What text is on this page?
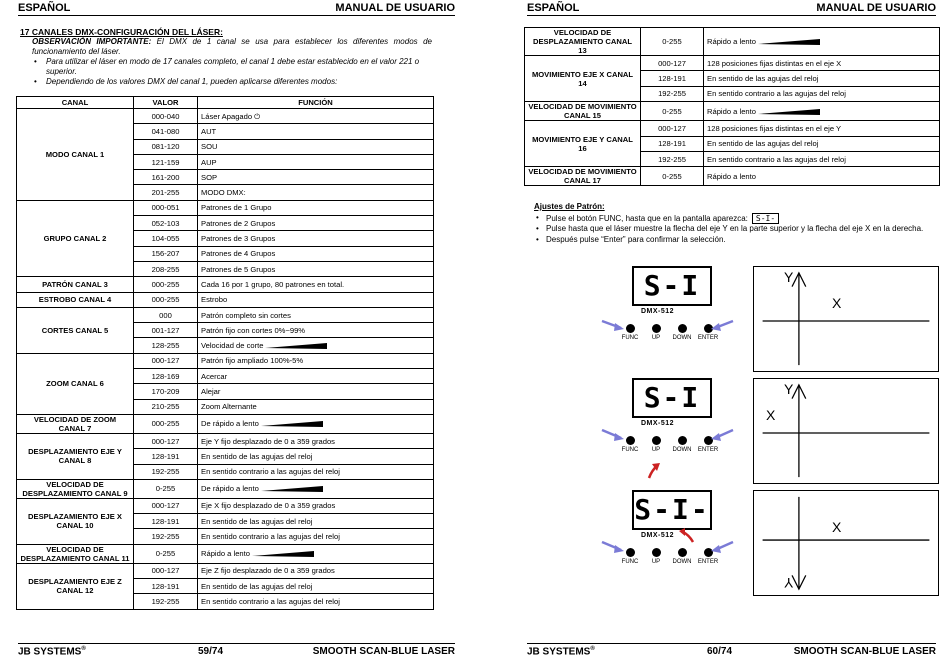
ESPAÑOL	MANUAL DE USUARIO
17 CANALES DMX-CONFIGURACIÓN DEL LÁSER:
OBSERVACIÓN IMPORTANTE: El DMX de 1 canal se usa para establecer los diferentes modos de funcionamiento del láser.
• Para utilizar el láser en modo de 17 canales completo, el canal 1 debe estar establecido en el valor 221 o superior.
• Dependiendo de los valores DMX del canal 1, pueden aplicarse diferentes modos:
CANAL	VALOR	FUNCIÓN
MODO CANAL 1	000-040	Láser Apagado ⏻
	041-080	AUT
	081-120	SOU
	121-159	AUP
	161-200	SOP
	201-255	MODO DMX:
GRUPO CANAL 2	000-051	Patrones de 1 Grupo
	052-103	Patrones de 2 Grupos
	104-055	Patrones de 3 Grupos
	156-207	Patrones de 4 Grupos
	208-255	Patrones de 5 Grupos
PATRÓN CANAL 3	000-255	Cada 16 por 1 grupo, 80 patrones en total.
ESTROBO CANAL 4	000-255	Estrobo
CORTES CANAL 5	000	Patrón completo sin cortes
	001-127	Patrón fijo con cortes 0%~99%
	128-255	Velocidad de corte
ZOOM CANAL 6	000-127	Patrón fijo ampliado 100%-5%
	128-169	Acercar
	170-209	Alejar
	210-255	Zoom Alternante
VELOCIDAD DE ZOOM CANAL 7	000-255	De rápido a lento
DESPLAZAMIENTO EJE Y CANAL 8	000-127	Eje Y fijo desplazado de 0 a 359 grados
	128-191	En sentido de las agujas del reloj
	192-255	En sentido contrario a las agujas del reloj
VELOCIDAD DE DESPLAZAMIENTO CANAL 9	0-255	De rápido a lento
DESPLAZAMIENTO EJE X CANAL 10	000-127	Eje X fijo desplazado de 0 a 359 grados
	128-191	En sentido de las agujas del reloj
	192-255	En sentido contrario a las agujas del reloj
VELOCIDAD DE DESPLAZAMIENTO CANAL 11	0-255	Rápido a lento
DESPLAZAMIENTO EJE Z CANAL 12	000-127	Eje Z fijo desplazado de 0 a 359 grados
	128-191	En sentido de las agujas del reloj
	192-255	En sentido contrario a las agujas del reloj
JB SYSTEMS®	59/74	SMOOTH SCAN-BLUE LASER
ESPAÑOL	MANUAL DE USUARIO
JB SYSTEMS®	60/74	SMOOTH SCAN-BLUE LASER
VELOCIDAD DE DESPLAZAMIENTO CANAL 13	0-255	Rápido a lento
MOVIMIENTO EJE X CANAL 14	000-127	128 posiciones fijas distintas en el eje X
	128-191	En sentido de las agujas del reloj
	192-255	En sentido contrario a las agujas del reloj
VELOCIDAD DE MOVIMIENTO CANAL 15	0-255	Rápido a lento
MOVIMIENTO EJE Y CANAL 16	000-127	128 posiciones fijas distintas en el eje Y
	128-191	En sentido de las agujas del reloj
	192-255	En sentido contrario a las agujas del reloj
VELOCIDAD DE MOVIMIENTO CANAL 17	0-255	Rápido a lento
Ajustes de Patrón:
• Pulse el botón FUNC, hasta que en la pantalla aparezca: S-I-
• Pulse hasta que el láser muestre la flecha del eje Y en la parte superior y la flecha del eje X en la derecha.
• Después pulse “Enter” para confirmar la selección.
S-I
DMX-512
FUNC	UP	DOWN ENTER
S-I
DMX-512
FUNC	UP	DOWN ENTER
S-I-
DMX-512
FUNC	UP	DOWN ENTER
Y
X
Y
X
Y
X
